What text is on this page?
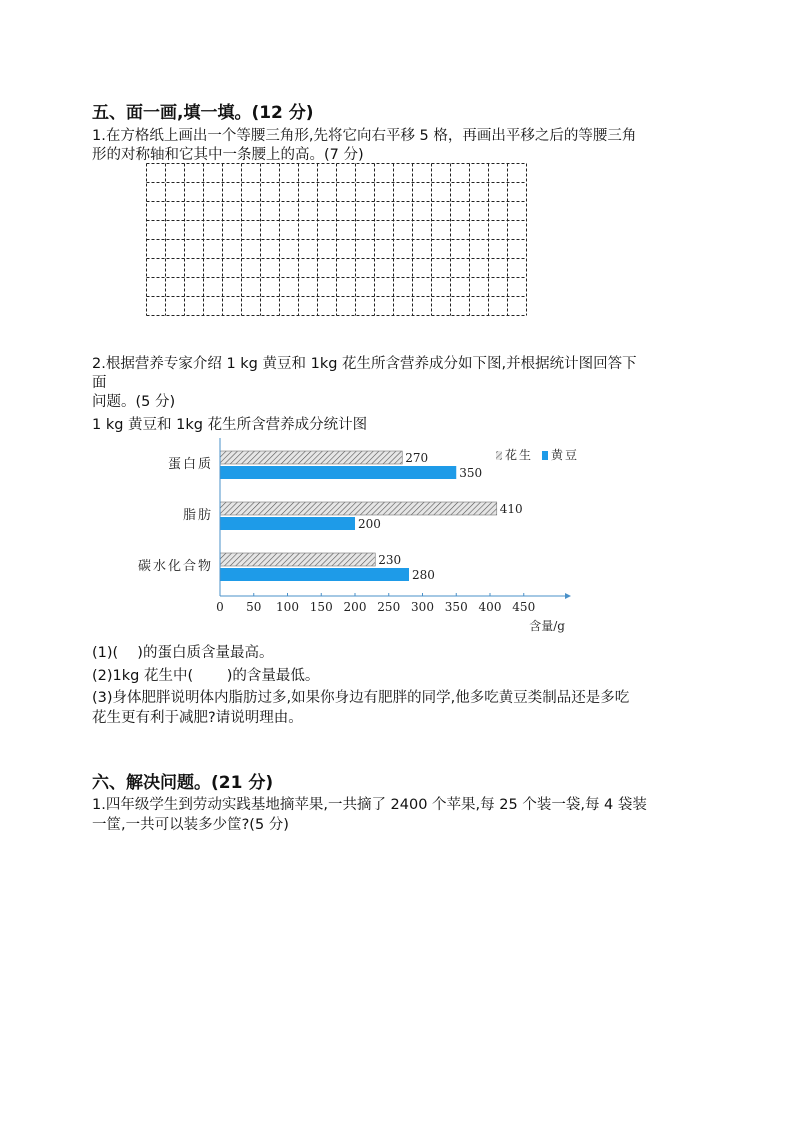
五、面一画,填一填。(12 分)
1.在方格纸上画出一个等腰三角形,先将它向右平移 5 格，再画出平移之后的等腰三角
形的对称轴和它其中一条腰上的高。(7 分)
2.根据营养专家介绍 1 kg 黄豆和 1kg 花生所含营养成分如下图,并根据统计图回答下
面
问题。(5 分)
1 kg 黄豆和 1kg 花生所含营养成分统计图
蛋白质
脂肪
碳水化合物
270
410
230
350
200
280
0 50 100 150 200 250 300 350 400 450
含量/g
花生 黄豆
(1)(　 )的蛋白质含量最高。
(2)1kg 花生中(　　 )的含量最低。
(3)身体肥胖说明体内脂肪过多,如果你身边有肥胖的同学,他多吃黄豆类制品还是多吃
花生更有利于减肥?请说明理由。
六、解决问题。(21 分)
1.四年级学生到劳动实践基地摘苹果,一共摘了 2400 个苹果,每 25 个装一袋,每 4 袋装
一筐,一共可以装多少筐?(5 分)
